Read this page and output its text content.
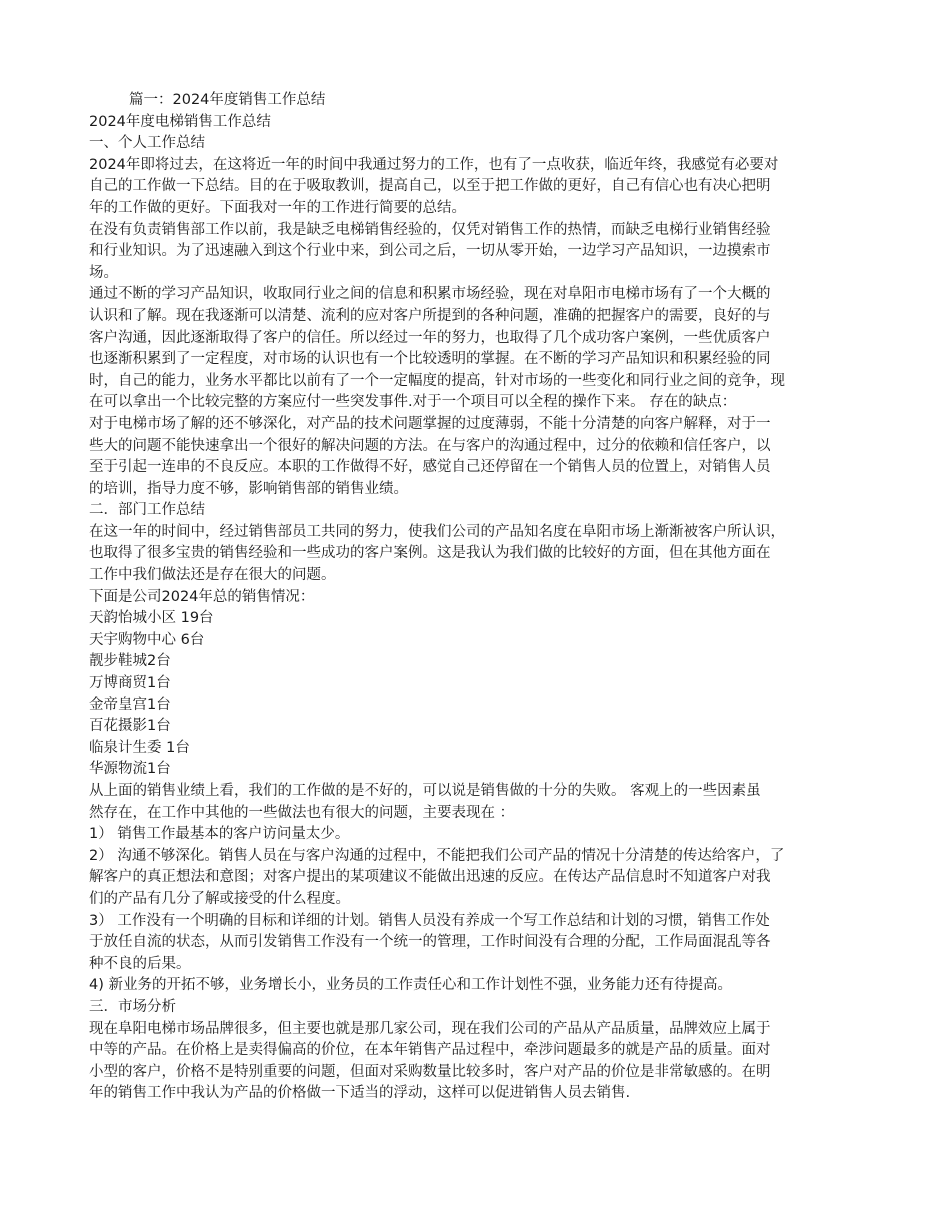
篇一：2024年度销售工作总结
2024年度电梯销售工作总结
一、个人工作总结
2024年即将过去，在这将近一年的时间中我通过努力的工作，也有了一点收获，临近年终，我感觉有必要对
自己的工作做一下总结。目的在于吸取教训，提高自己，以至于把工作做的更好，自己有信心也有决心把明
年的工作做的更好。下面我对一年的工作进行简要的总结。
在没有负责销售部工作以前，我是缺乏电梯销售经验的，仅凭对销售工作的热情，而缺乏电梯行业销售经验
和行业知识。为了迅速融入到这个行业中来，到公司之后，一切从零开始，一边学习产品知识，一边摸索市
场。
通过不断的学习产品知识，收取同行业之间的信息和积累市场经验，现在对阜阳市电梯市场有了一个大概的
认识和了解。现在我逐渐可以清楚、流利的应对客户所提到的各种问题，准确的把握客户的需要，良好的与
客户沟通，因此逐渐取得了客户的信任。所以经过一年的努力，也取得了几个成功客户案例，一些优质客户
也逐渐积累到了一定程度，对市场的认识也有一个比较透明的掌握。在不断的学习产品知识和积累经验的同
时，自己的能力，业务水平都比以前有了一个一定幅度的提高，针对市场的一些变化和同行业之间的竞争，现
在可以拿出一个比较完整的方案应付一些突发事件.对于一个项目可以全程的操作下来。 存在的缺点：
对于电梯市场了解的还不够深化，对产品的技术问题掌握的过度薄弱，不能十分清楚的向客户解释，对于一
些大的问题不能快速拿出一个很好的解决问题的方法。在与客户的沟通过程中，过分的依赖和信任客户，以
至于引起一连串的不良反应。本职的工作做得不好，感觉自己还停留在一个销售人员的位置上，对销售人员
的培训，指导力度不够，影响销售部的销售业绩。
二．部门工作总结
在这一年的时间中，经过销售部员工共同的努力，使我们公司的产品知名度在阜阳市场上渐渐被客户所认识，
也取得了很多宝贵的销售经验和一些成功的客户案例。这是我认为我们做的比较好的方面，但在其他方面在
工作中我们做法还是存在很大的问题。
下面是公司2024年总的销售情况：
天韵怡城小区 19台
天宇购物中心 6台
靓步鞋城2台
万博商贸1台
金帝皇宫1台
百花摄影1台
临泉计生委 1台
华源物流1台
从上面的销售业绩上看，我们的工作做的是不好的，可以说是销售做的十分的失败。 客观上的一些因素虽
然存在，在工作中其他的一些做法也有很大的问题，主要表现在 ：
1） 销售工作最基本的客户访问量太少。
2） 沟通不够深化。销售人员在与客户沟通的过程中，不能把我们公司产品的情况十分清楚的传达给客户，了
解客户的真正想法和意图；对客户提出的某项建议不能做出迅速的反应。在传达产品信息时不知道客户对我
们的产品有几分了解或接受的什么程度。
3） 工作没有一个明确的目标和详细的计划。销售人员没有养成一个写工作总结和计划的习惯，销售工作处
于放任自流的状态，从而引发销售工作没有一个统一的管理，工作时间没有合理的分配，工作局面混乱等各
种不良的后果。
4) 新业务的开拓不够，业务增长小，业务员的工作责任心和工作计划性不强，业务能力还有待提高。
三．市场分析
现在阜阳电梯市场品牌很多，但主要也就是那几家公司，现在我们公司的产品从产品质量，品牌效应上属于
中等的产品。在价格上是卖得偏高的价位，在本年销售产品过程中，牵涉问题最多的就是产品的质量。面对
小型的客户，价格不是特别重要的问题，但面对采购数量比较多时，客户对产品的价位是非常敏感的。在明
年的销售工作中我认为产品的价格做一下适当的浮动，这样可以促进销售人员去销售.
